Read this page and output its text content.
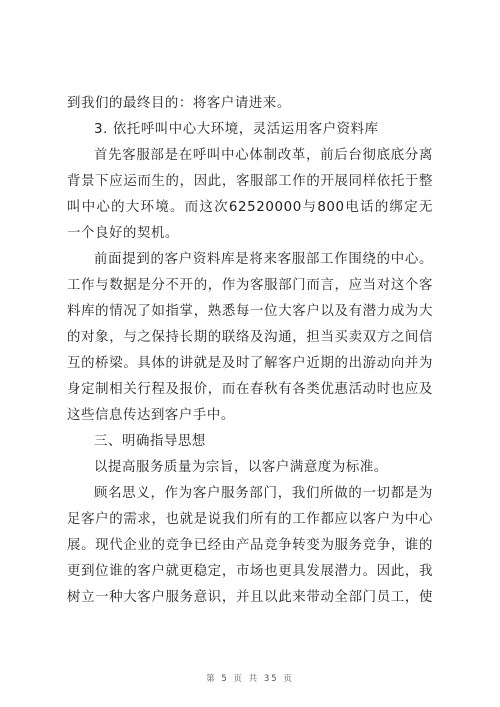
到我们的最终目的：将客户请进来。
3. 依托呼叫中心大环境，灵活运用客户资料库
首先客服部是在呼叫中心体制改革，前后台彻底底分离
背景下应运而生的，因此，客服部工作的开展同样依托于整
叫中心的大环境。而这次62520000与800电话的绑定无
一个良好的契机。
前面提到的客户资料库是将来客服部工作围绕的中心。
工作与数据是分不开的，作为客服部门而言，应当对这个客
料库的情况了如指掌，熟悉每一位大客户以及有潜力成为大
的对象，与之保持长期的联络及沟通，担当买卖双方之间信
互的桥梁。具体的讲就是及时了解客户近期的出游动向并为
身定制相关行程及报价，而在春秋有各类优惠活动时也应及
这些信息传达到客户手中。
三、明确指导思想
以提高服务质量为宗旨，以客户满意度为标准。
顾名思义，作为客户服务部门，我们所做的一切都是为
足客户的需求，也就是说我们所有的工作都应以客户为中心
展。现代企业的竞争已经由产品竞争转变为服务竞争，谁的
更到位谁的客户就更稳定，市场也更具发展潜力。因此，我
树立一种大客户服务意识，并且以此来带动全部门员工，使
第 5 页 共 35 页
